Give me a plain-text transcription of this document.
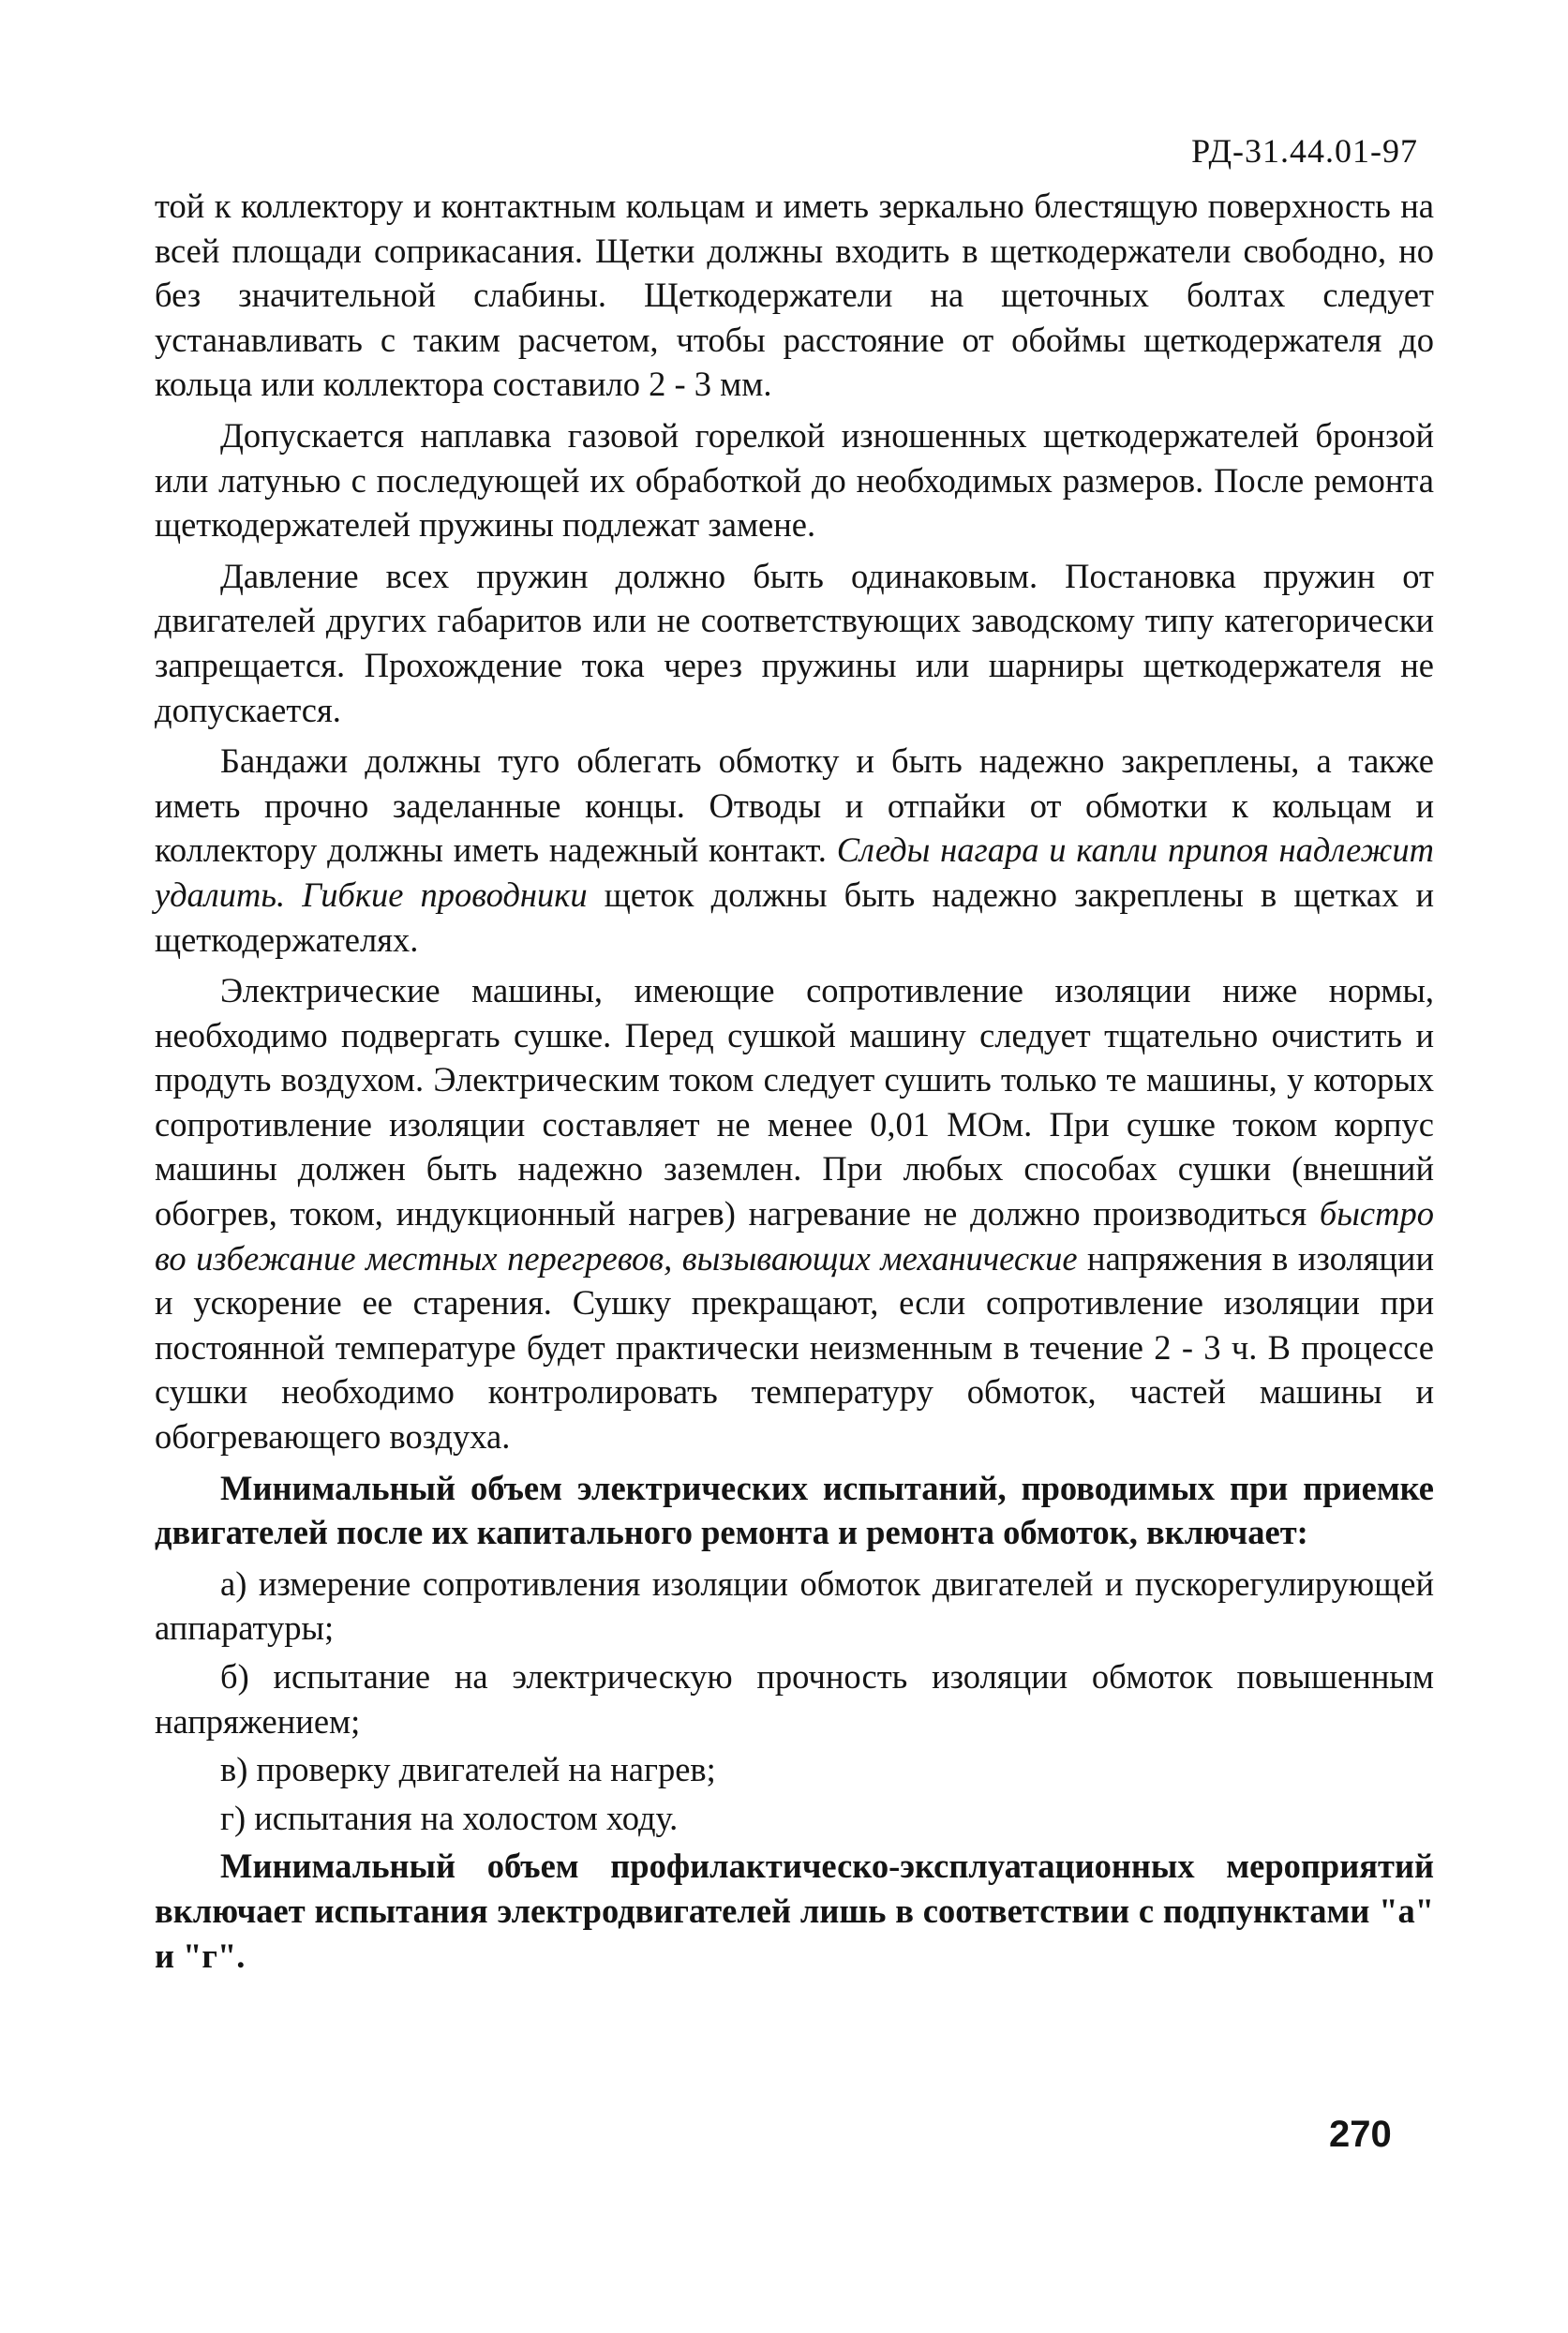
РД-31.44.01-97

той к коллектору и контактным кольцам и иметь зеркально блестящую поверхность на всей площади соприкасания. Щетки должны входить в щеткодержатели свободно, но без значительной слабины. Щеткодержатели на щеточных болтах следует устанавливать с таким расчетом, чтобы расстояние от обоймы щеткодержателя до кольца или коллектора составило 2 - 3 мм.

Допускается наплавка газовой горелкой изношенных щеткодержателей бронзой или латунью с последующей их обработкой до необходимых размеров. После ремонта щеткодержателей пружины подлежат замене.

Давление всех пружин должно быть одинаковым. Постановка пружин от двигателей других габаритов или не соответствующих заводскому типу категорически запрещается. Прохождение тока через пружины или шарниры щеткодержателя не допускается.

Бандажи должны туго облегать обмотку и быть надежно закреплены, а также иметь прочно заделанные концы. Отводы и отпайки от обмотки к кольцам и коллектору должны иметь надежный контакт. Следы нагара и капли припоя надлежит удалить. Гибкие проводники щеток должны быть надежно закреплены в щетках и щеткодержателях.

Электрические машины, имеющие сопротивление изоляции ниже нормы, необходимо подвергать сушке. Перед сушкой машину следует тщательно очистить и продуть воздухом. Электрическим током следует сушить только те машины, у которых сопротивление изоляции составляет не менее 0,01 МОм. При сушке током корпус машины должен быть надежно заземлен. При любых способах сушки (внешний обогрев, током, индукционный нагрев) нагревание не должно производиться быстро во избежание местных перегревов, вызывающих механические напряжения в изоляции и ускорение ее старения. Сушку прекращают, если сопротивление изоляции при постоянной температуре будет практически неизменным в течение 2 - 3 ч. В процессе сушки необходимо контролировать температуру обмоток, частей машины и обогревающего воздуха.

Минимальный объем электрических испытаний, проводимых при приемке двигателей после их капитального ремонта и ремонта обмоток, включает:

а) измерение сопротивления изоляции обмоток двигателей и пускорегулирующей аппаратуры;

б) испытание на электрическую прочность изоляции обмоток повышенным напряжением;

в) проверку двигателей на нагрев;

г) испытания на холостом ходу.

Минимальный объем профилактическо-эксплуатационных мероприятий включает испытания электродвигателей лишь в соответствии с подпунктами "а" и "г".

270
